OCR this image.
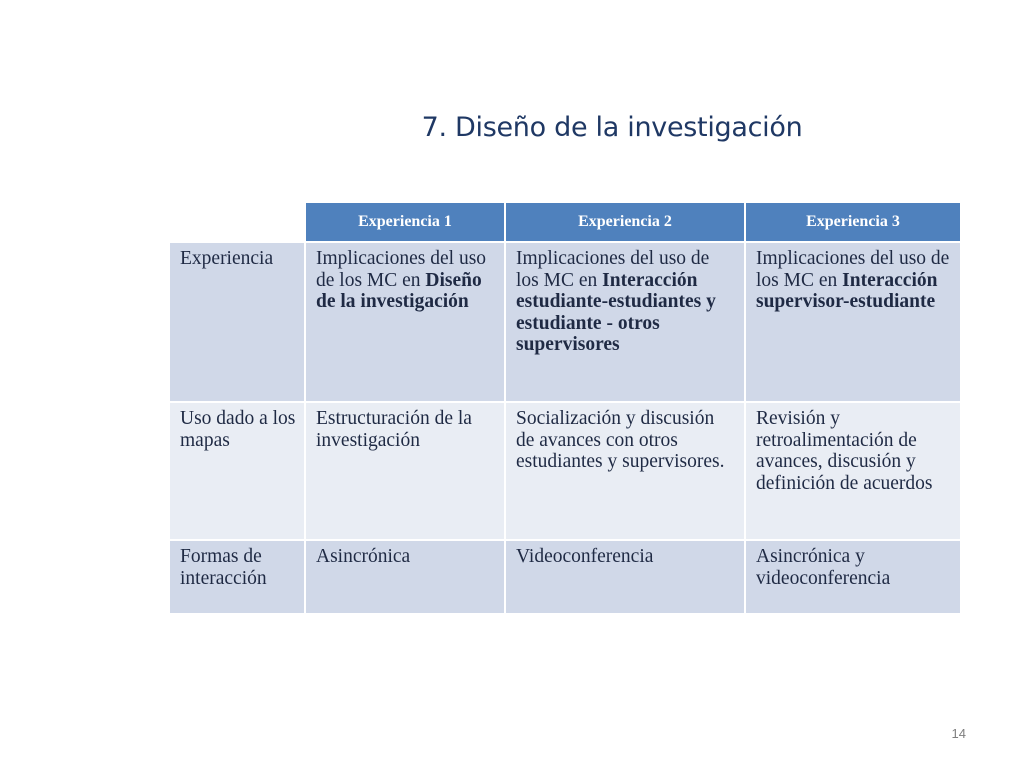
7. Diseño de la investigación
	Experiencia 1	Experiencia 2	Experiencia 3
Experiencia	Implicaciones del uso de los MC en Diseño de la investigación	Implicaciones del uso de los MC en Interacción estudiante-estudiantes y estudiante - otros supervisores	Implicaciones del uso de los MC en Interacción supervisor-estudiante
Uso dado a los mapas	Estructuración de la investigación	Socialización y discusión de avances con otros estudiantes y supervisores.	Revisión y retroalimentación de avances, discusión y definición de acuerdos
Formas de interacción	Asincrónica	Videoconferencia	Asincrónica y videoconferencia
14
